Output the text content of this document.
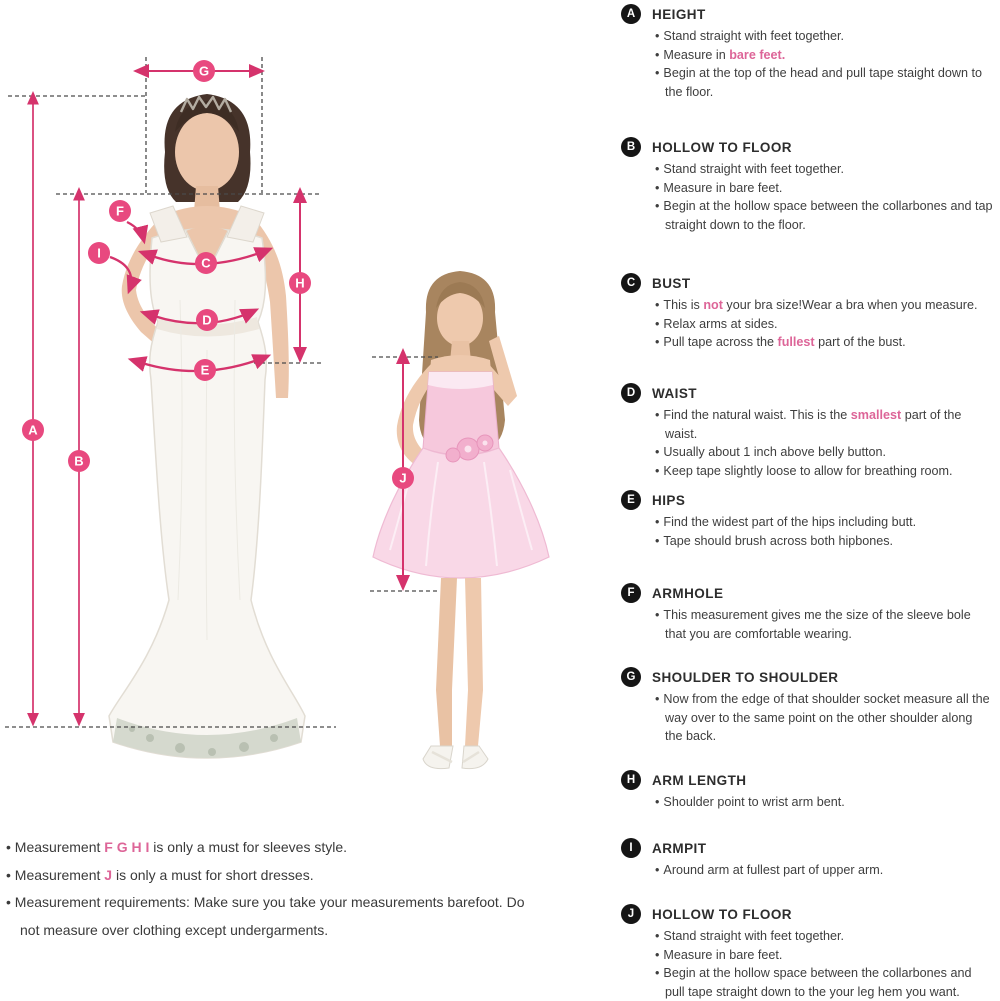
A
B
C
D
E
F
G
H
I
J
A	HEIGHT
• Stand straight with feet together.
• Measure in bare feet.
• Begin at the top of the head and pull tape staight down to the floor.
B	HOLLOW TO FLOOR
• Stand straight with feet together.
• Measure in bare feet.
• Begin at the hollow space between the collarbones and tap straight down to the floor.
C	BUST
• This is not your bra size!Wear a bra when you measure.
• Relax arms at sides.
• Pull tape across the fullest part of the bust.
D	WAIST
• Find the natural waist. This is the smallest part of the waist.
• Usually about 1 inch above belly button.
• Keep tape slightly loose to allow for breathing room.
E	HIPS
• Find the widest part of the hips including butt.
• Tape should brush across both hipbones.
F	ARMHOLE
• This measurement gives me the size of the sleeve bole that you are comfortable wearing.
G	SHOULDER TO SHOULDER
• Now from the edge of that shoulder socket measure all the way over to the same point on the other shoulder along the back.
H	ARM LENGTH
• Shoulder point to wrist arm bent.
I	ARMPIT
• Around arm at fullest part of upper arm.
J	HOLLOW TO FLOOR
• Stand straight with feet together.
• Measure in bare feet.
• Begin at the hollow space between the collarbones and pull tape straight down to the your leg hem you want.
• Measurement F G H I is only a must for sleeves style.
• Measurement J is only a must for short dresses.
• Measurement requirements: Make sure you take your measurements barefoot. Do not measure over clothing except undergarments.
